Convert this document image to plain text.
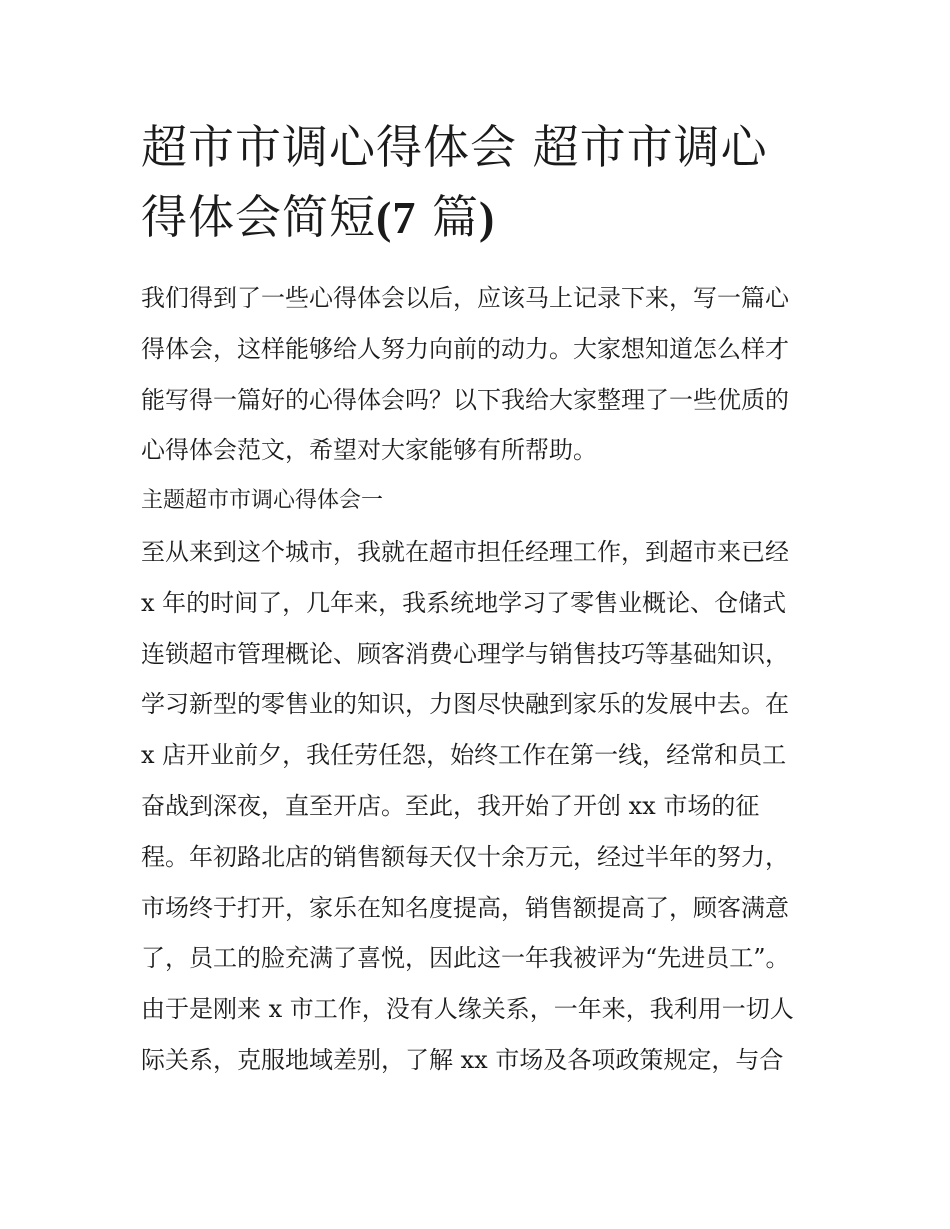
超市市调心得体会 超市市调心
得体会简短(7 篇)
我们得到了一些心得体会以后，应该马上记录下来，写一篇心
得体会，这样能够给人努力向前的动力。大家想知道怎么样才
能写得一篇好的心得体会吗？以下我给大家整理了一些优质的
心得体会范文，希望对大家能够有所帮助。
主题超市市调心得体会一
至从来到这个城市，我就在超市担任经理工作，到超市来已经
x 年的时间了，几年来，我系统地学习了零售业概论、仓储式
连锁超市管理概论、顾客消费心理学与销售技巧等基础知识，
学习新型的零售业的知识，力图尽快融到家乐的发展中去。在
x 店开业前夕，我任劳任怨，始终工作在第一线，经常和员工
奋战到深夜，直至开店。至此，我开始了开创 xx 市场的征
程。年初路北店的销售额每天仅十余万元，经过半年的努力，
市场终于打开，家乐在知名度提高，销售额提高了，顾客满意
了，员工的脸充满了喜悦，因此这一年我被评为“先进员工”。
由于是刚来 x 市工作，没有人缘关系，一年来，我利用一切人
际关系，克服地域差别，了解 xx 市场及各项政策规定，与合
